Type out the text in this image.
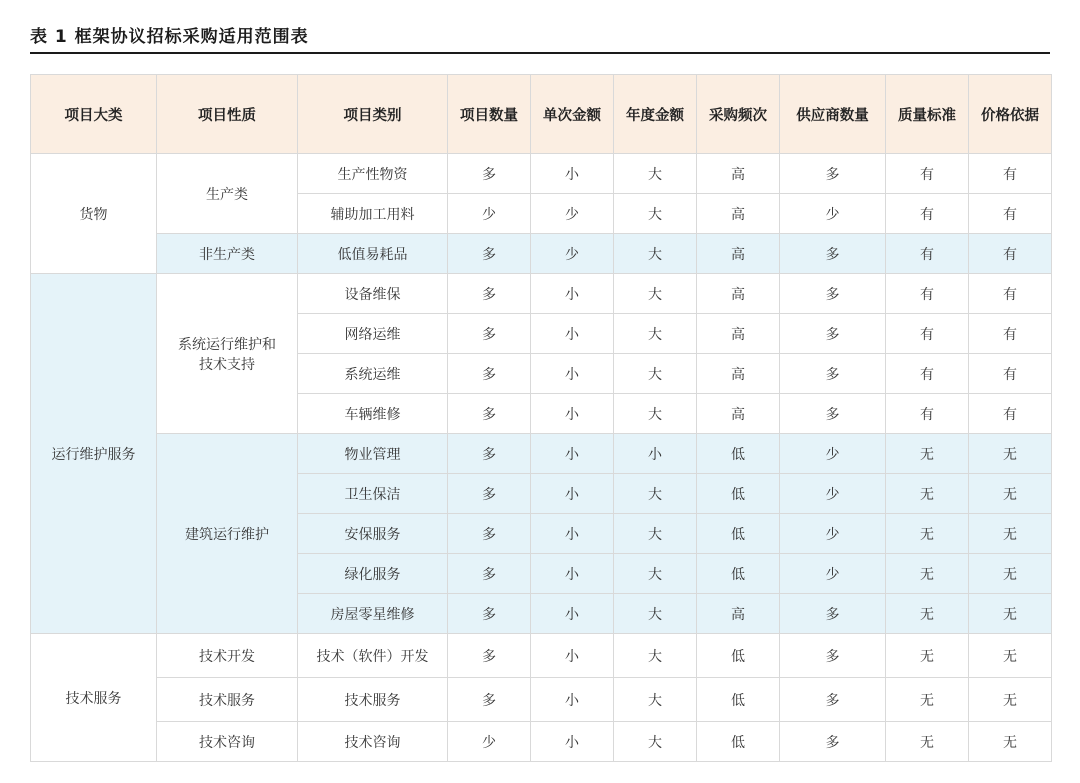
表 1 框架协议招标采购适用范围表
项目大类	项目性质	项目类别	项目数量	单次金额	年度金额	采购频次	供应商数量	质量标准	价格依据
货物	生产类	生产性物资	多	小	大	高	多	有	有
		辅助加工用料	少	少	大	高	少	有	有
	非生产类	低值易耗品	多	少	大	高	多	有	有
运行维护服务	系统运行维护和技术支持	设备维保	多	小	大	高	多	有	有
		网络运维	多	小	大	高	多	有	有
		系统运维	多	小	大	高	多	有	有
		车辆维修	多	小	大	高	多	有	有
	建筑运行维护	物业管理	多	小	小	低	少	无	无
		卫生保洁	多	小	大	低	少	无	无
		安保服务	多	小	大	低	少	无	无
		绿化服务	多	小	大	低	少	无	无
		房屋零星维修	多	小	大	高	多	无	无
技术服务	技术开发	技术（软件）开发	多	小	大	低	多	无	无
	技术服务	技术服务	多	小	大	低	多	无	无
	技术咨询	技术咨询	少	小	大	低	多	无	无
